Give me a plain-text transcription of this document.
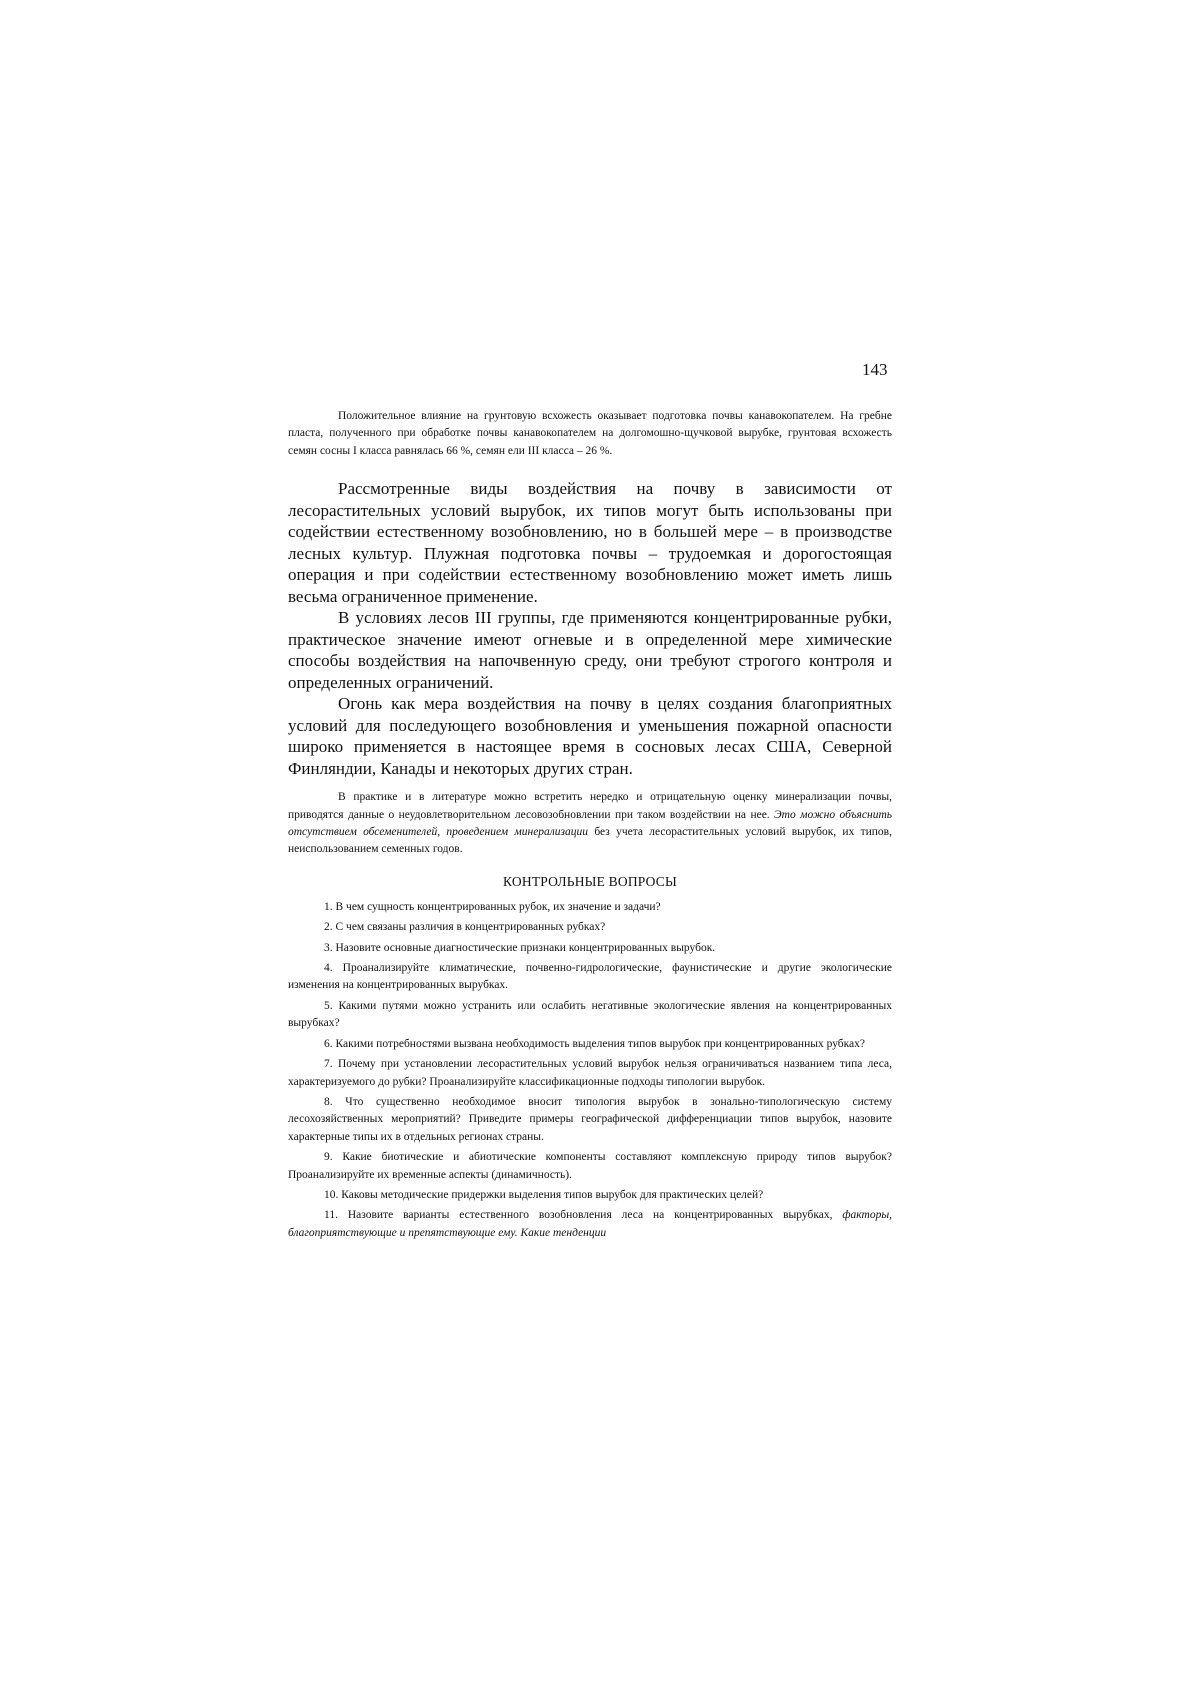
143

Положительное влияние на грунтовую всхожесть оказывает подготовка почвы канавокопателем. На гребне пласта, полученного при обработке почвы канавокопателем на долгомошно-щучковой вырубке, грунтовая всхожесть семян сосны I класса равнялась 66 %, семян ели III класса – 26 %.

Рассмотренные виды воздействия на почву в зависимости от лесорастительных условий вырубок, их типов могут быть использованы при содействии естественному возобновлению, но в большей мере – в производстве лесных культур. Плужная подготовка почвы – трудоемкая и дорогостоящая операция и при содействии естественному возобновлению может иметь лишь весьма ограниченное применение.

В условиях лесов III группы, где применяются концентрированные рубки, практическое значение имеют огневые и в определенной мере химические способы воздействия на напочвенную среду, они требуют строгого контроля и определенных ограничений.

Огонь как мера воздействия на почву в целях создания благоприятных условий для последующего возобновления и уменьшения пожарной опасности широко применяется в настоящее время в сосновых лесах США, Северной Финляндии, Канады и некоторых других стран.

В практике и в литературе можно встретить нередко и отрицательную оценку минерализации почвы, приводятся данные о неудовлетворительном лесовозобновлении при таком воздействии на нее. Это можно объяснить отсутствием обсеменителей, проведением минерализации без учета лесорастительных условий вырубок, их типов, неиспользованием семенных годов.

КОНТРОЛЬНЫЕ ВОПРОСЫ

1. В чем сущность концентрированных рубок, их значение и задачи?

2. С чем связаны различия в концентрированных рубках?

3. Назовите основные диагностические признаки концентрированных вырубок.

4. Проанализируйте климатические, почвенно-гидрологические, фаунистические и другие экологические изменения на концентрированных вырубках.

5. Какими путями можно устранить или ослабить негативные экологические явления на концентрированных вырубках?

6. Какими потребностями вызвана необходимость выделения типов вырубок при концентрированных рубках?

7. Почему при установлении лесорастительных условий вырубок нельзя ограничиваться названием типа леса, характеризуемого до рубки? Проанализируйте классификационные подходы типологии вырубок.

8. Что существенно необходимое вносит типология вырубок в зонально-типологическую систему лесохозяйственных мероприятий? Приведите примеры географической дифференциации типов вырубок, назовите характерные типы их в отдельных регионах страны.

9. Какие биотические и абиотические компоненты составляют комплексную природу типов вырубок? Проанализируйте их временные аспекты (динамичность).

10. Каковы методические придержки выделения типов вырубок для практических целей?

11. Назовите варианты естественного возобновления леса на концентрированных вырубках, факторы, благоприятствующие и препятствующие ему. Какие тенденции
